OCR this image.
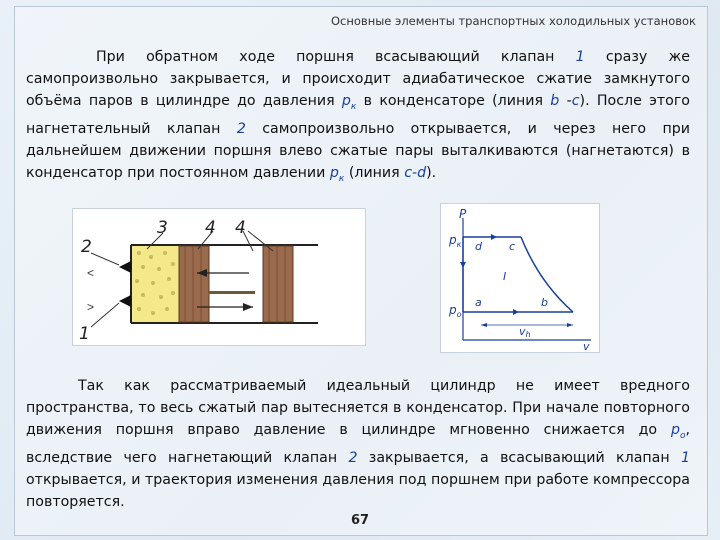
Основные элементы транспортных холодильных установок
При обратном ходе поршня всасывающий клапан 1 сразу же самопроизвольно закрывается, и происходит адиабатическое сжатие замкнутого объёма паров в цилиндре до давления $p_к$ в конденсаторе (линия b -c). После этого нагнетательный клапан 2 самопроизвольно открывается, и через него при дальнейшем движении поршня влево сжатые пары выталкиваются (нагнетаются) в конденсатор при постоянном давлении $p_к$ (линия c-d).
2
3 4 4
1
<
>
P
$p_к$
$p_о$
d c
a	b
I
vh
v
Так как рассматриваемый идеальный цилиндр не имеет вредного пространства, то весь сжатый пар вытесняется в конденсатор. При начале повторного движения поршня вправо давление в цилиндре мгновенно снижается до $p_о$, вследствие чего нагнетающий клапан 2 закрывается, а всасывающий клапан 1 открывается, и траектория изменения давления под поршнем при работе компрессора повторяется.
67
